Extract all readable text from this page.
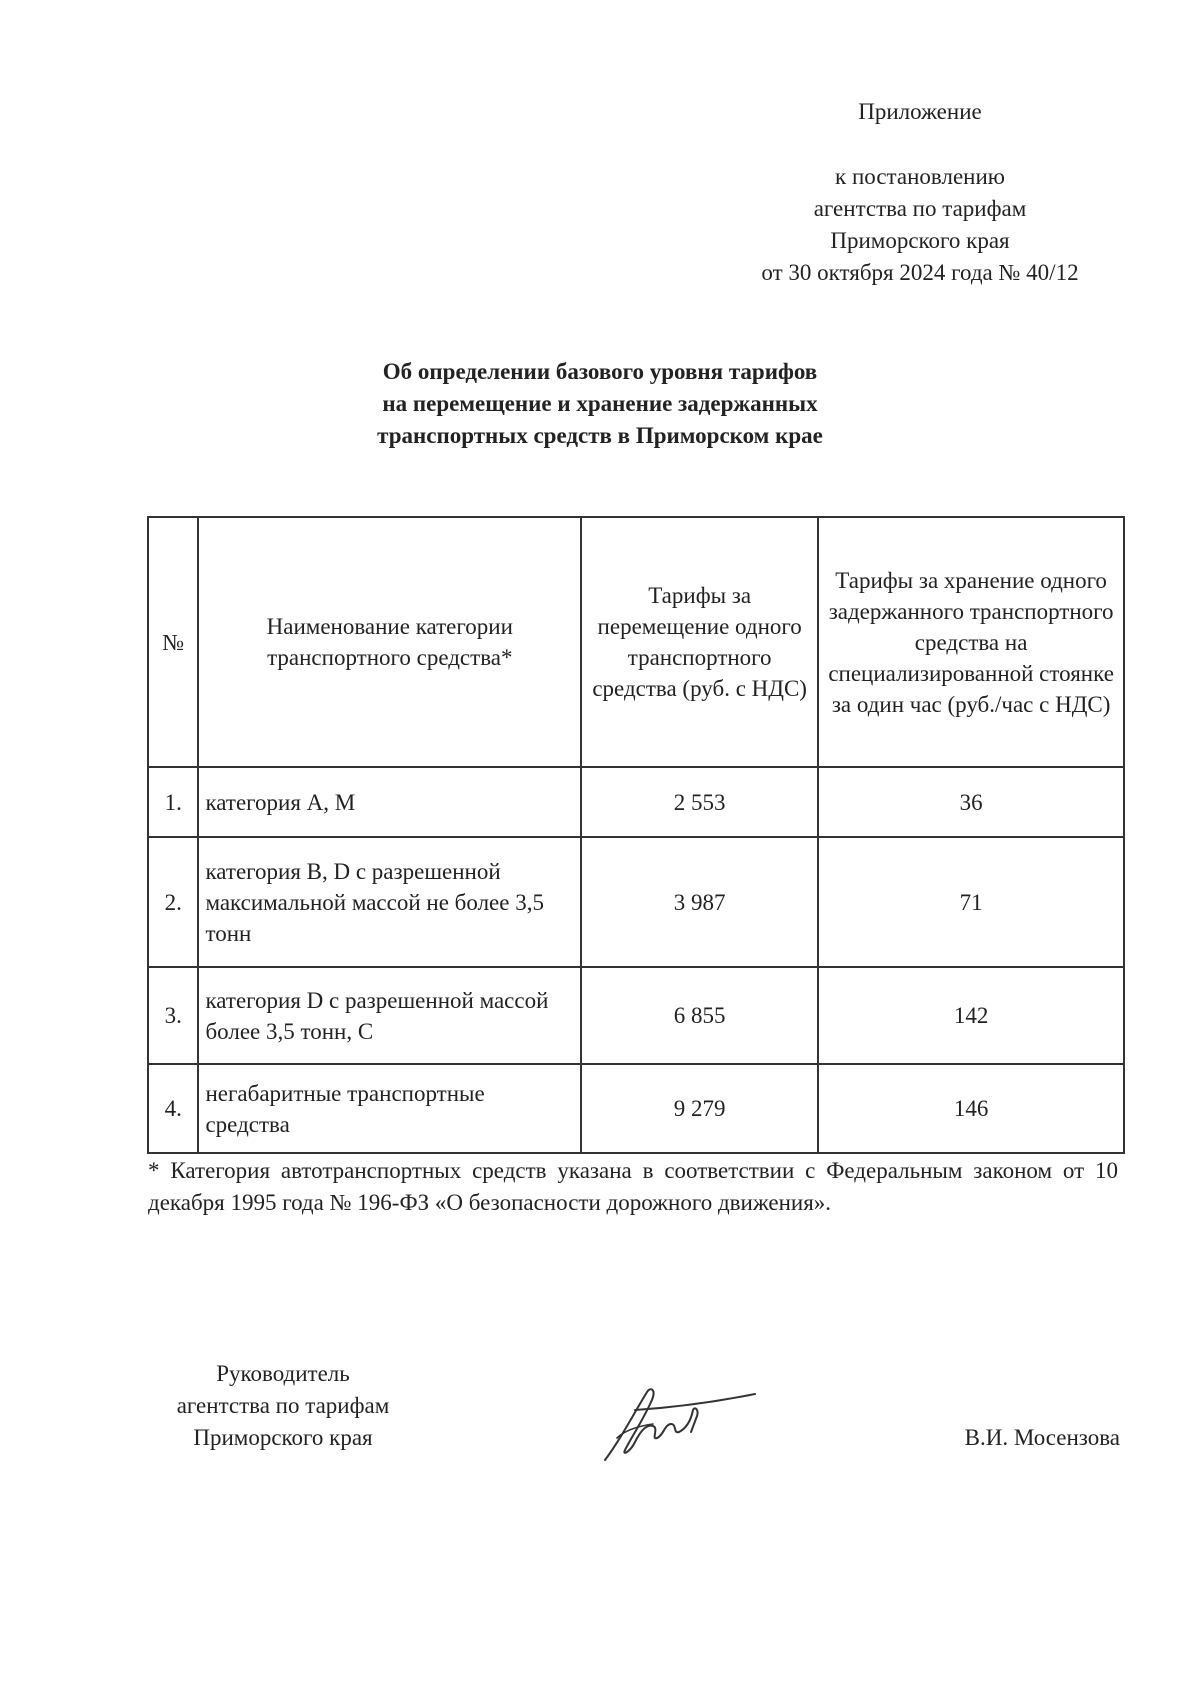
Приложение
к постановлению
агентства по тарифам
Приморского края
от 30 октября 2024 года № 40/12
Об определении базового уровня тарифов
на перемещение и хранение задержанных
транспортных средств в Приморском крае
№	Наименование категории транспортного средства*	Тарифы за перемещение одного транспортного средства (руб. с НДС)	Тарифы за хранение одного задержанного транспортного средства на специализированной стоянке за один час (руб./час с НДС)
1.	категория A, M	2 553	36
2.	категория B, D с разрешенной максимальной массой не более 3,5 тонн	3 987	71
3.	категория D с разрешенной массой более 3,5 тонн, C	6 855	142
4.	негабаритные транспортные средства	9 279	146
* Категория автотранспортных средств указана в соответствии с Федеральным законом от 10 декабря 1995 года № 196-ФЗ «О безопасности дорожного движения».
Руководитель
агентства по тарифам
Приморского края	В.И. Мосензова
